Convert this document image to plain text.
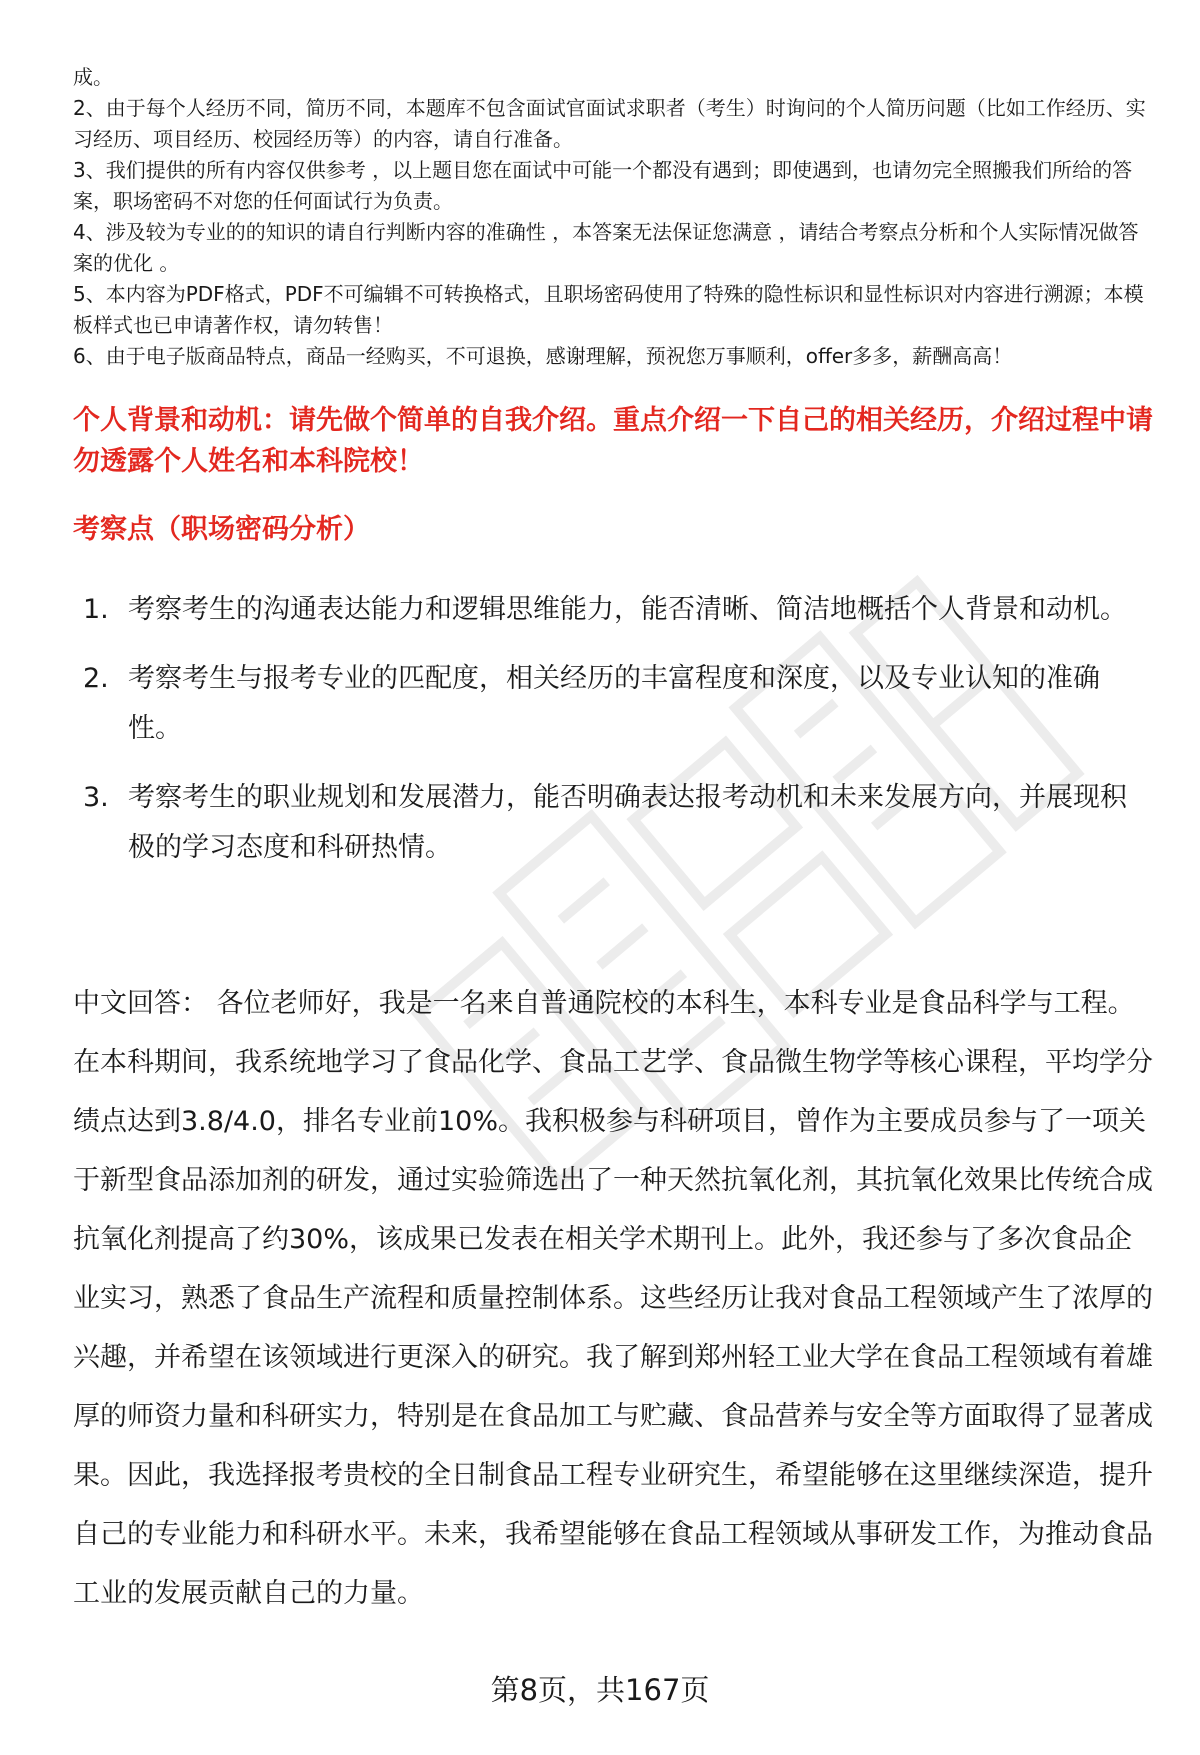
成。

2、由于每个人经历不同，简历不同，本题库不包含面试官面试求职者（考生）时询问的个人简历问题（比如工作经历、实习经历、项目经历、校园经历等）的内容，请自行准备。

3、我们提供的所有内容仅供参考 ，以上题目您在面试中可能一个都没有遇到；即使遇到，也请勿完全照搬我们所给的答案，职场密码不对您的任何面试行为负责。

4、涉及较为专业的的知识的请自行判断内容的准确性 ，本答案无法保证您满意 ，请结合考察点分析和个人实际情况做答案的优化 。

5、本内容为PDF格式，PDF不可编辑不可转换格式，且职场密码使用了特殊的隐性标识和显性标识对内容进行溯源；本模板样式也已申请著作权，请勿转售！

6、由于电子版商品特点，商品一经购买，不可退换，感谢理解，预祝您万事顺利，offer多多，薪酬高高！

个人背景和动机：请先做个简单的自我介绍。重点介绍一下自己的相关经历，介绍过程中请勿透露个人姓名和本科院校！
考察点（职场密码分析）
1. 考察考生的沟通表达能力和逻辑思维能力，能否清晰、简洁地概括个人背景和动机。
2. 考察考生与报考专业的匹配度，相关经历的丰富程度和深度，以及专业认知的准确性。
3. 考察考生的职业规划和发展潜力，能否明确表达报考动机和未来发展方向，并展现积极的学习态度和科研热情。

中文回答： 各位老师好，我是一名来自普通院校的本科生，本科专业是食品科学与工程。在本科期间，我系统地学习了食品化学、食品工艺学、食品微生物学等核心课程，平均学分绩点达到3.8/4.0，排名专业前10%。我积极参与科研项目，曾作为主要成员参与了一项关于新型食品添加剂的研发，通过实验筛选出了一种天然抗氧化剂，其抗氧化效果比传统合成抗氧化剂提高了约30%，该成果已发表在相关学术期刊上。此外，我还参与了多次食品企业实习，熟悉了食品生产流程和质量控制体系。这些经历让我对食品工程领域产生了浓厚的兴趣，并希望在该领域进行更深入的研究。我了解到郑州轻工业大学在食品工程领域有着雄厚的师资力量和科研实力，特别是在食品加工与贮藏、食品营养与安全等方面取得了显著成果。因此，我选择报考贵校的全日制食品工程专业研究生，希望能够在这里继续深造，提升自己的专业能力和科研水平。未来，我希望能够在食品工程领域从事研发工作，为推动食品工业的发展贡献自己的力量。

第8页，共167页
